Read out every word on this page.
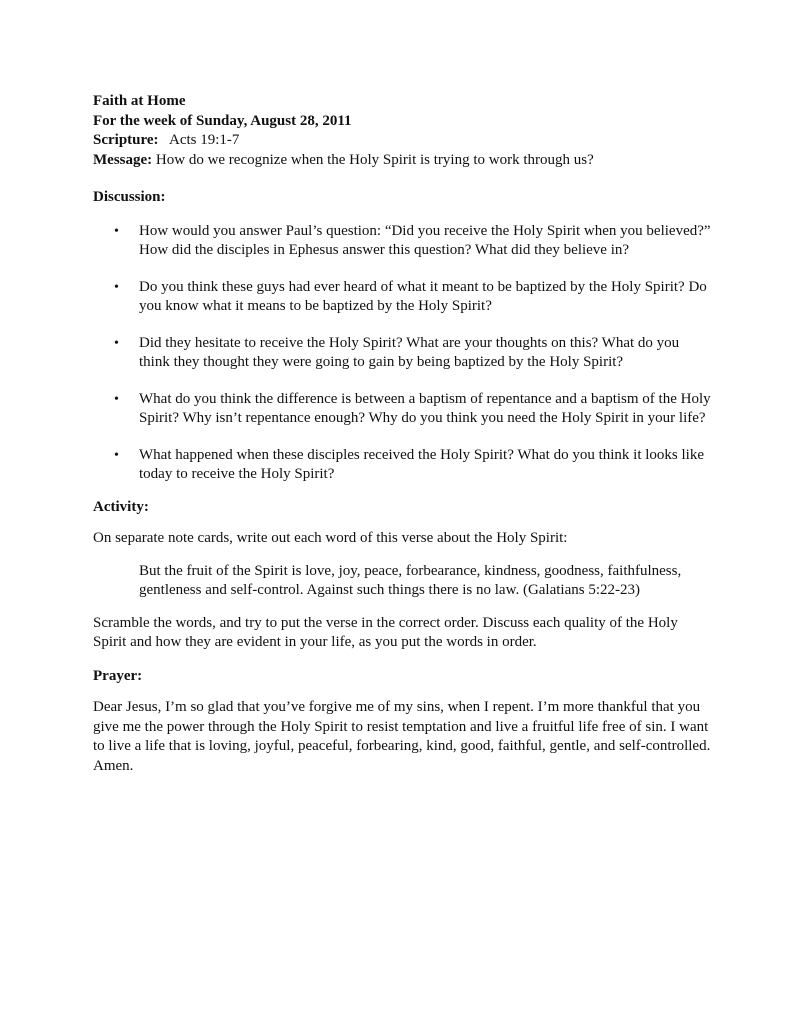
Faith at Home

For the week of Sunday, August 28, 2011

Scripture: Acts 19:1-7

Message: How do we recognize when the Holy Spirit is trying to work through us?

Discussion:

• How would you answer Paul’s question: “Did you receive the Holy Spirit when you believed?” How did the disciples in Ephesus answer this question? What did they believe in?
• Do you think these guys had ever heard of what it meant to be baptized by the Holy Spirit? Do you know what it means to be baptized by the Holy Spirit?
• Did they hesitate to receive the Holy Spirit? What are your thoughts on this? What do you think they thought they were going to gain by being baptized by the Holy Spirit?
• What do you think the difference is between a baptism of repentance and a baptism of the Holy Spirit? Why isn’t repentance enough? Why do you think you need the Holy Spirit in your life?
• What happened when these disciples received the Holy Spirit? What do you think it looks like today to receive the Holy Spirit?

Activity:

On separate note cards, write out each word of this verse about the Holy Spirit:

But the fruit of the Spirit is love, joy, peace, forbearance, kindness, goodness, faithfulness, gentleness and self-control. Against such things there is no law. (Galatians 5:22-23)

Scramble the words, and try to put the verse in the correct order. Discuss each quality of the Holy Spirit and how they are evident in your life, as you put the words in order.

Prayer:

Dear Jesus, I’m so glad that you’ve forgive me of my sins, when I repent. I’m more thankful that you give me the power through the Holy Spirit to resist temptation and live a fruitful life free of sin. I want to live a life that is loving, joyful, peaceful, forbearing, kind, good, faithful, gentle, and self-controlled. Amen.
